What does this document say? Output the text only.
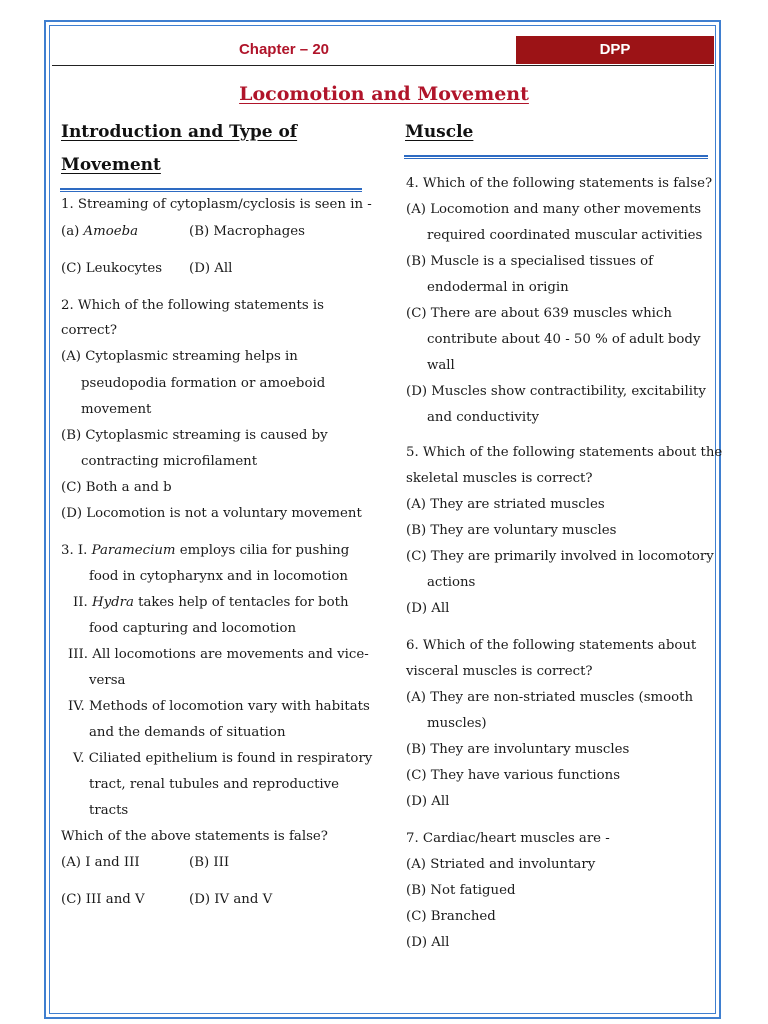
Chapter – 20	DPP
Locomotion and Movement
Introduction and Type of
Movement
1. Streaming of cytoplasm/cyclosis is seen in -
(a) Amoeba	(B) Macrophages
(C) Leukocytes (D) All
2. Which of the following statements is
correct?
(A) Cytoplasmic streaming helps in
pseudopodia formation or amoeboid
movement
(B) Cytoplasmic streaming is caused by
contracting microfilament
(C) Both a and b
(D) Locomotion is not a voluntary movement
3. I. Paramecium employs cilia for pushing
food in cytopharynx and in locomotion
II. Hydra takes help of tentacles for both
food capturing and locomotion
III. All locomotions are movements and vice-
versa
IV. Methods of locomotion vary with habitats
and the demands of situation
V. Ciliated epithelium is found in respiratory
tract, renal tubules and reproductive
tracts
Which of the above statements is false?
(A) I and III	(B) III
(C) III and V	(D) IV and V
Muscle
4. Which of the following statements is false?
(A) Locomotion and many other movements
required coordinated muscular activities
(B) Muscle is a specialised tissues of
endodermal in origin
(C) There are about 639 muscles which
contribute about 40 - 50 % of adult body
wall
(D) Muscles show contractibility, excitability
and conductivity
5. Which of the following statements about the
skeletal muscles is correct?
(A) They are striated muscles
(B) They are voluntary muscles
(C) They are primarily involved in locomotory
actions
(D) All
6. Which of the following statements about
visceral muscles is correct?
(A) They are non-striated muscles (smooth
muscles)
(B) They are involuntary muscles
(C) They have various functions
(D) All
7. Cardiac/heart muscles are -
(A) Striated and involuntary
(B) Not fatigued
(C) Branched
(D) All
